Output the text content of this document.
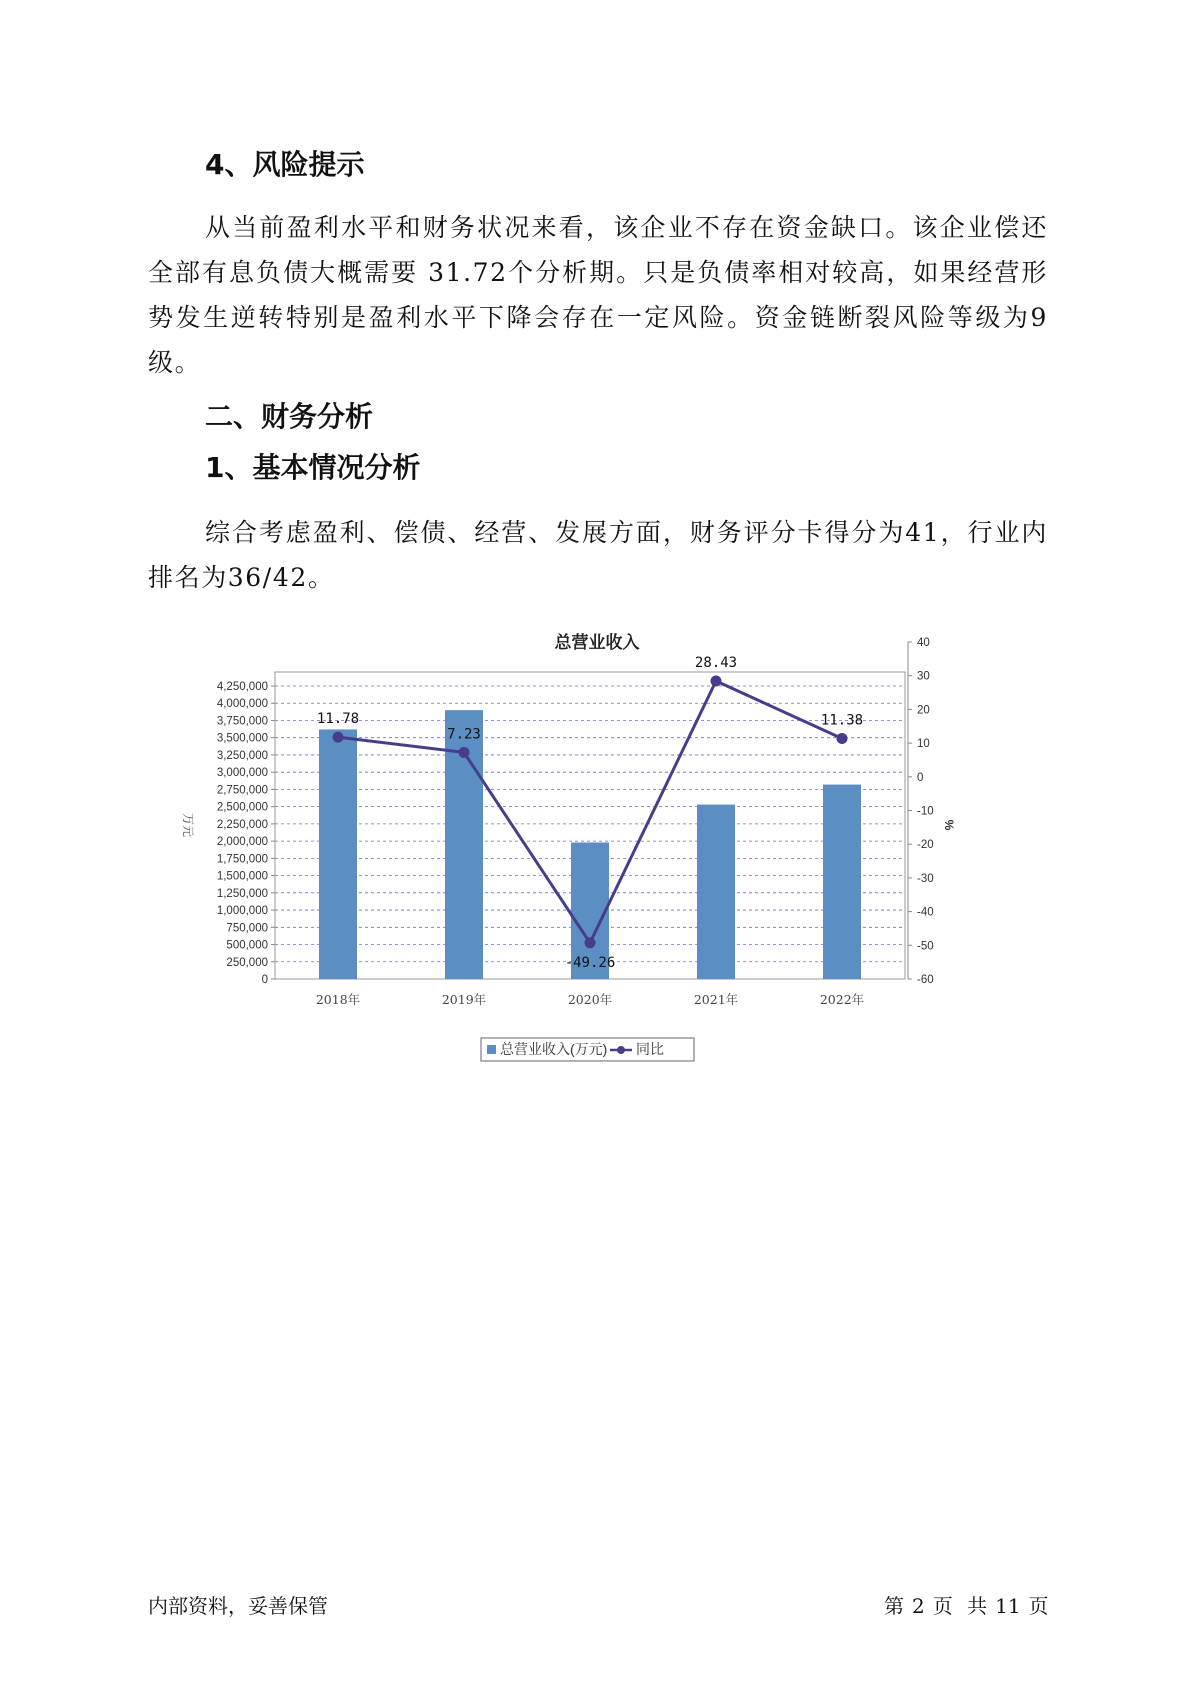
4、风险提示

从当前盈利水平和财务状况来看，该企业不存在资金缺口。该企业偿还全部有息负债大概需要 31.72个分析期。只是负债率相对较高，如果经营形势发生逆转特别是盈利水平下降会存在一定风险。资金链断裂风险等级为9级。

二、财务分析
1、基本情况分析

综合考虑盈利、偿债、经营、发展方面，财务评分卡得分为41，行业内排名为36/42。

总营业收入
0
250,000
500,000
750,000
1,000,000
1,250,000
1,500,000
1,750,000
2,000,000
2,250,000
2,500,000
2,750,000
3,000,000
3,250,000
3,500,000
3,750,000
4,000,000
4,250,000
-60
-50
-40
-30
-20
-10
0
10
20
30
40
万元	%
2018年	2019年	2020年	2021年	2022年
11.78
7.23
-49.26
28.43
11.38
总营业收入(万元) 同比
内部资料，妥善保管	第 2 页 共 11 页
